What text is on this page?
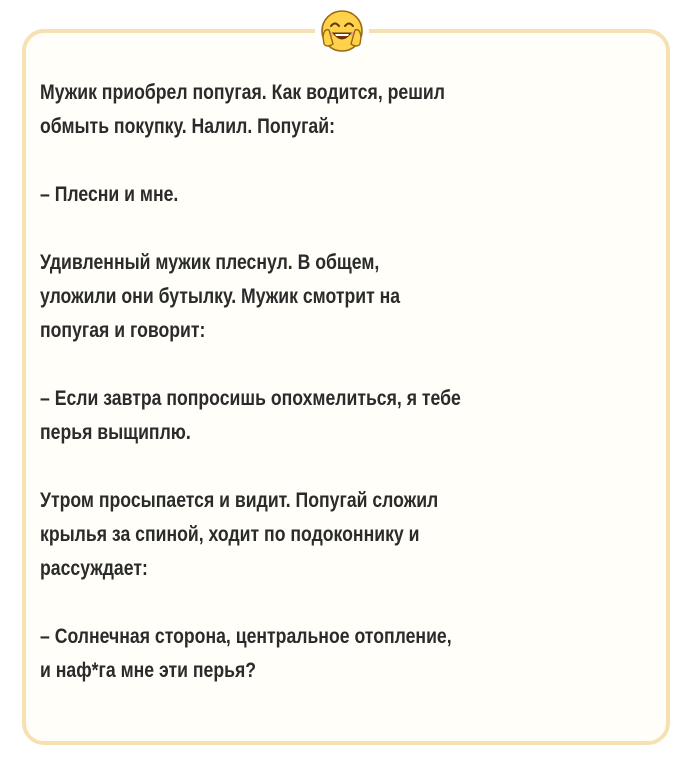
Мужик приобрел попугая. Как водится, решил
обмыть покупку. Налил. Попугай:

– Плесни и мне.

Удивленный мужик плеснул. В общем,
уложили они бутылку. Мужик смотрит на
попугая и говорит:

– Если завтра попросишь опохмелиться, я тебе
перья выщиплю.

Утром просыпается и видит. Попугай сложил
крылья за спиной, ходит по подоконнику и
рассуждает:

– Солнечная сторона, центральное отопление,
и наф*га мне эти перья?
